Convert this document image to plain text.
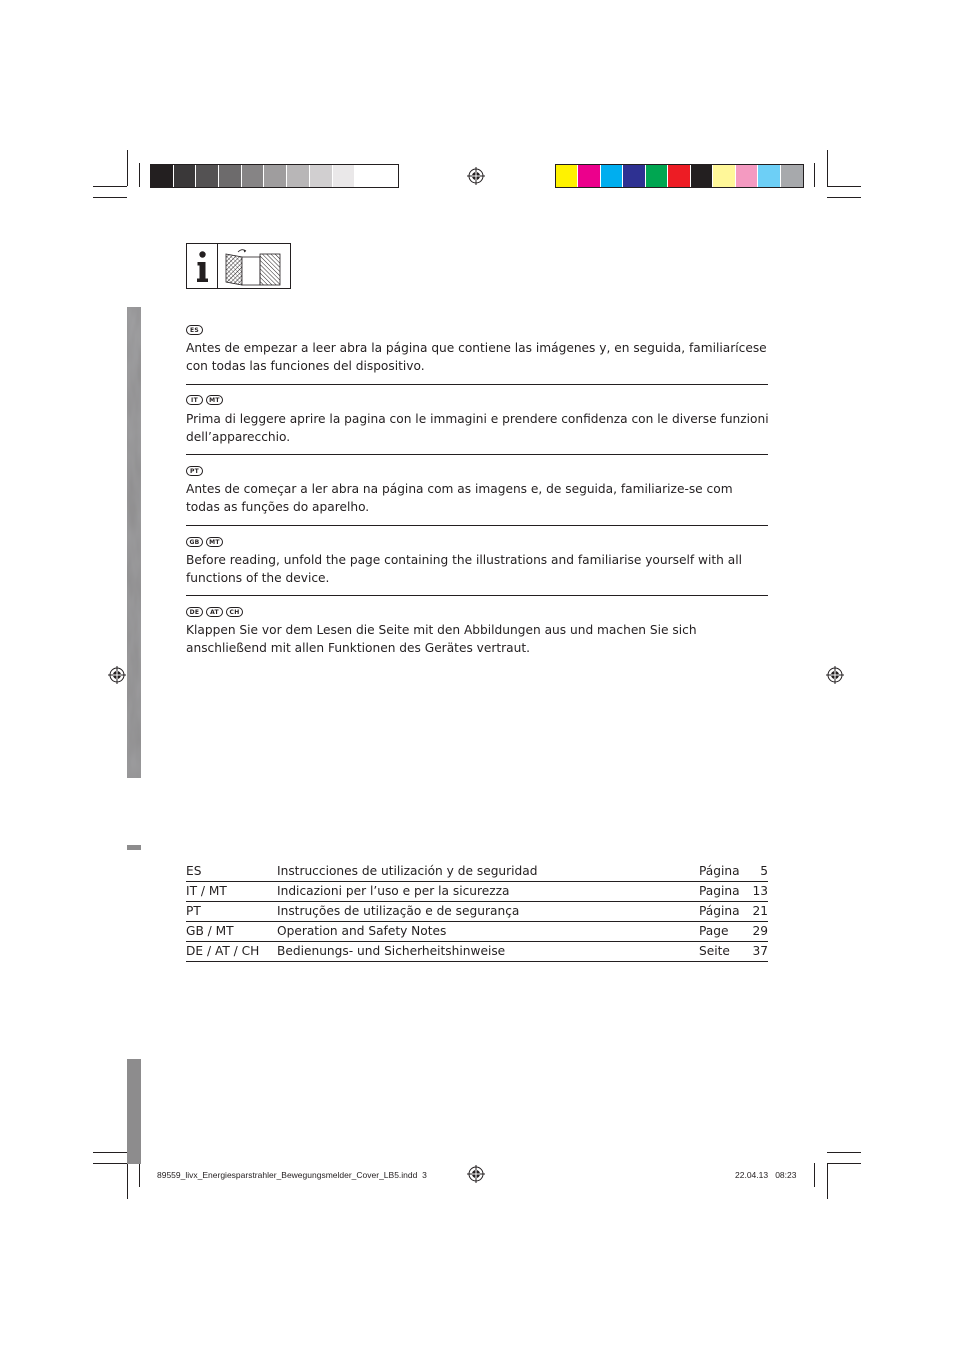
ES
Antes de empezar a leer abra la página que contiene las imágenes y, en seguida, familiarícese con todas las funciones del dispositivo.
IT	MT
Prima di leggere aprire la pagina con le immagini e prendere confidenza con le diverse funzioni dell’apparecchio.
PT
Antes de começar a ler abra na página com as imagens e, de seguida, familiarize-se com todas as funções do aparelho.
GB	MT
Before reading, unfold the page containing the illustrations and familiarise yourself with all functions of the device.
DE	AT	CH
Klappen Sie vor dem Lesen die Seite mit den Abbildungen aus und machen Sie sich anschließend mit allen Funktionen des Gerätes vertraut.
ES	Instrucciones de utilización y de seguridad	Página 5
IT / MT	Indicazioni per l’uso e per la sicurezza	Pagina 13
PT	Instruções de utilização e de segurança	Página 21
GB / MT	Operation and Safety Notes	Page 29
DE / AT / CH Bedienungs- und Sicherheitshinweise	Seite 37
89559_livx_Energiesparstrahler_Bewegungsmelder_Cover_LB5.indd 3	22.04.13 08:23
